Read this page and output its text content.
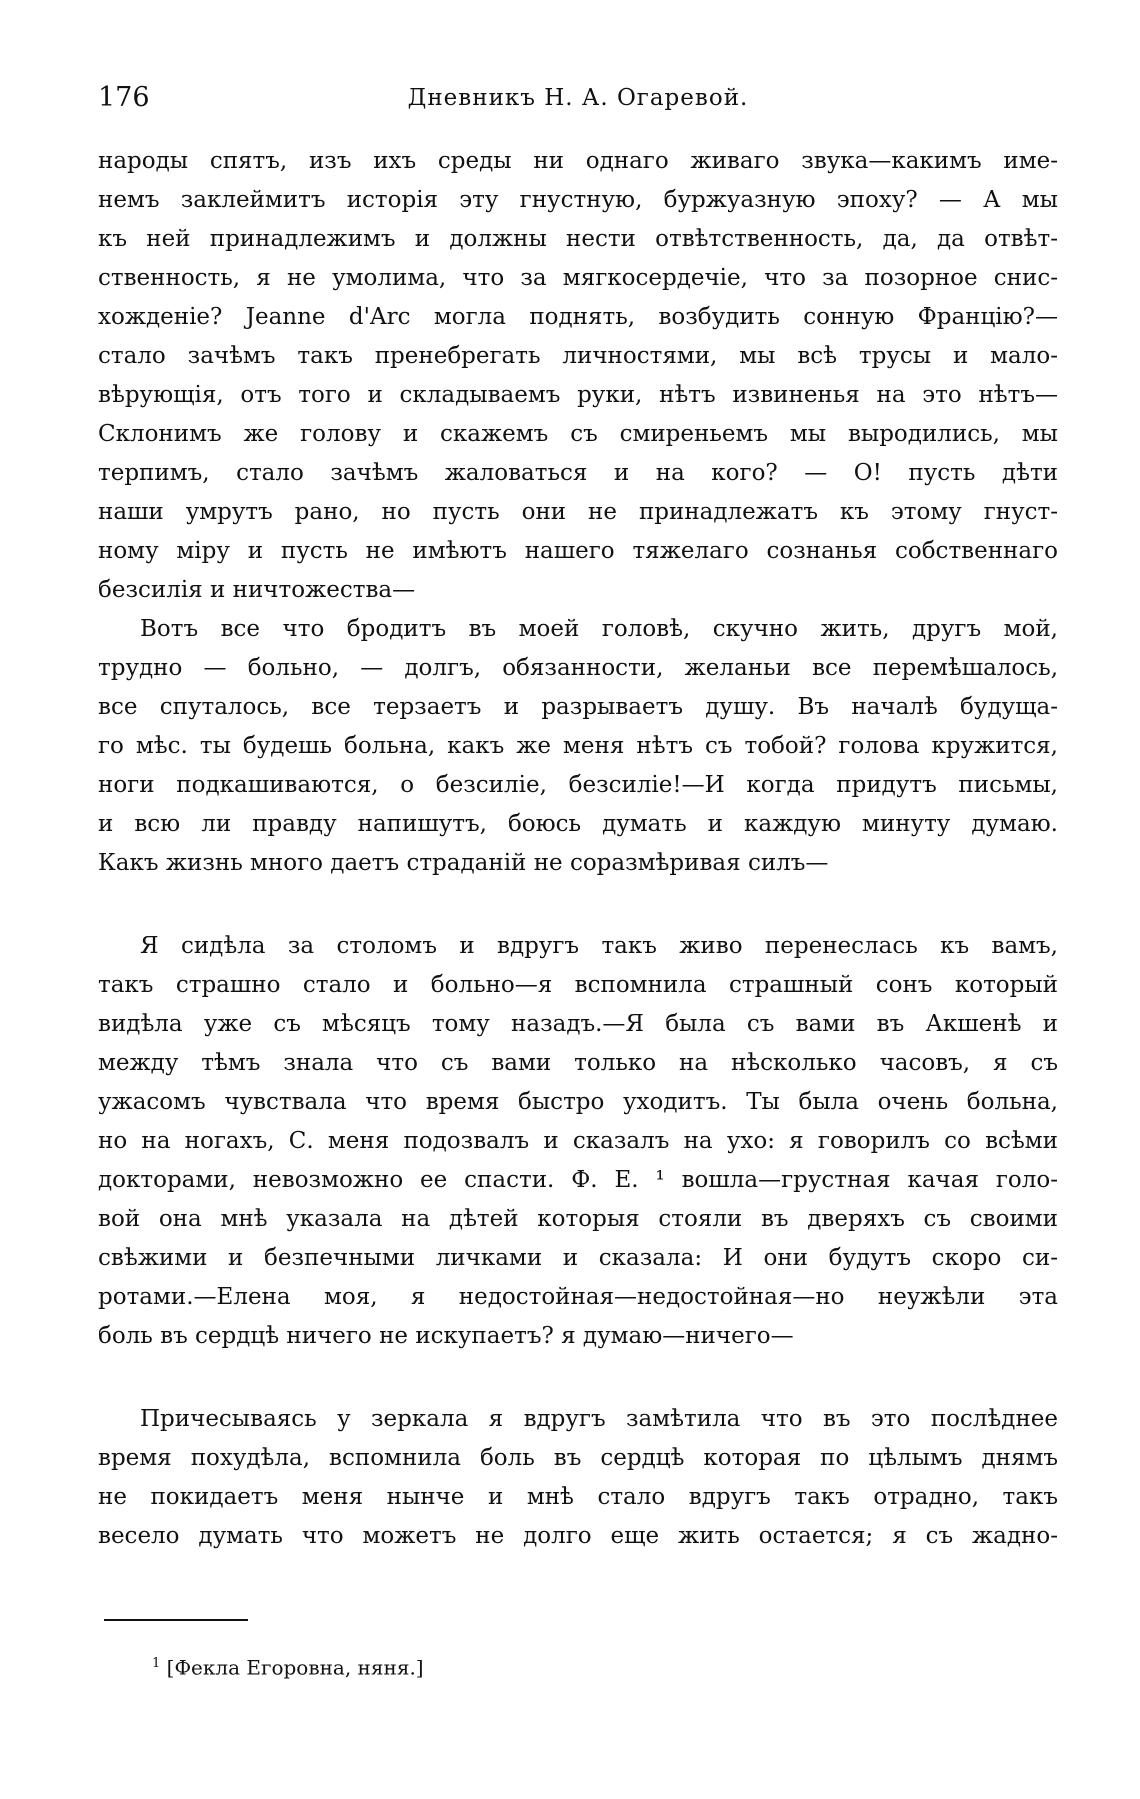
176	Дневникъ Н. А. Огаревой.
народы спятъ, изъ ихъ среды ни однаго живаго звука—какимъ име-
немъ заклеймитъ исторія эту гнустную, буржуазную эпоху? — А мы
къ ней принадлежимъ и должны нести отвѣтственность, да, да отвѣт-
ственность, я не умолима, что за мягкосердечіе, что за позорное снис-
хожденіе? Jeanne d'Arc могла поднять, возбудить сонную Францію?—
стало зачѣмъ такъ пренебрегать личностями, мы всѣ трусы и мало-
вѣрующія, отъ того и складываемъ руки, нѣтъ извиненья на это нѣтъ—
Склонимъ же голову и скажемъ съ смиреньемъ мы выродились, мы
терпимъ, стало зачѣмъ жаловаться и на кого? — О! пусть дѣти
наши умрутъ рано, но пусть они не принадлежатъ къ этому гнуст-
ному міру и пусть не имѣютъ нашего тяжелаго сознанья собственнаго
безсилія и ничтожества—
Вотъ все что бродитъ въ моей головѣ, скучно жить, другъ мой,
трудно — больно, — долгъ, обязанности, желаньи все перемѣшалось,
все спуталось, все терзаетъ и разрываетъ душу. Въ началѣ будуща-
го мѣс. ты будешь больна, какъ же меня нѣтъ съ тобой? голова кружится,
ноги подкашиваются, о безсиліе, безсиліе!—И когда придутъ письмы,
и всю ли правду напишутъ, боюсь думать и каждую минуту думаю.
Какъ жизнь много даетъ страданій не соразмѣривая силъ—
Я сидѣла за столомъ и вдругъ такъ живо перенеслась къ вамъ,
такъ страшно стало и больно—я вспомнила страшный сонъ который
видѣла уже съ мѣсяцъ тому назадъ.—Я была съ вами въ Акшенѣ и
между тѣмъ знала что съ вами только на нѣсколько часовъ, я съ
ужасомъ чувствала что время быстро уходитъ. Ты была очень больна,
но на ногахъ, С. меня подозвалъ и сказалъ на ухо: я говорилъ со всѣми
докторами, невозможно ее спасти. Ф. Е. ¹ вошла—грустная качая голо-
вой она мнѣ указала на дѣтей которыя стояли въ дверяхъ съ своими
свѣжими и безпечными личками и сказала: И они будутъ скоро си-
ротами.—Елена моя, я недостойная—недостойная—но неужѣли эта
боль въ сердцѣ ничего не искупаетъ? я думаю—ничего—
Причесываясь у зеркала я вдругъ замѣтила что въ это послѣднее
время похудѣла, вспомнила боль въ сердцѣ которая по цѣлымъ днямъ
не покидаетъ меня нынче и мнѣ стало вдругъ такъ отрадно, такъ
весело думать что можетъ не долго еще жить остается; я съ жадно-
$^1$ [Фекла Егоровна, няня.]
